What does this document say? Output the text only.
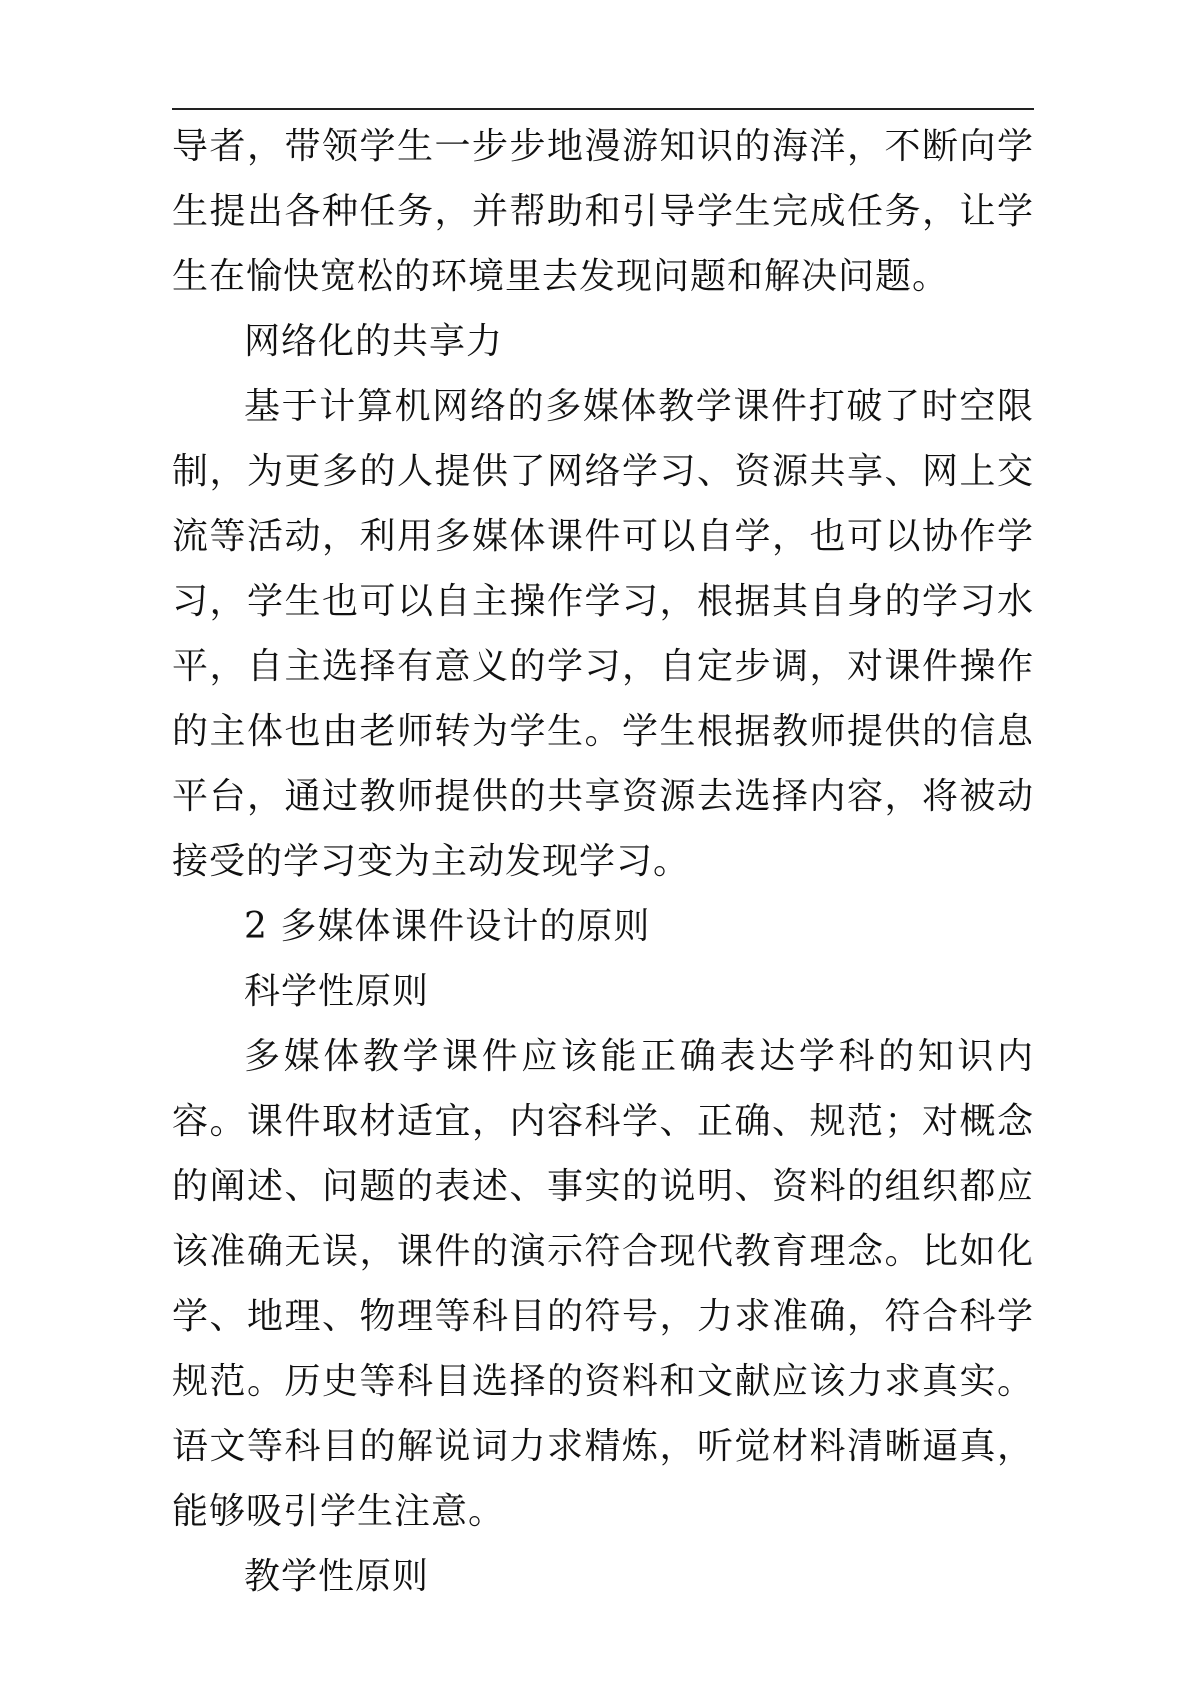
导者，带领学生一步步地漫游知识的海洋，不断向学生提出各种任务，并帮助和引导学生完成任务，让学生在愉快宽松的环境里去发现问题和解决问题。

网络化的共享力

基于计算机网络的多媒体教学课件打破了时空限制，为更多的人提供了网络学习、资源共享、网上交流等活动，利用多媒体课件可以自学，也可以协作学习，学生也可以自主操作学习，根据其自身的学习水平，自主选择有意义的学习，自定步调，对课件操作的主体也由老师转为学生。学生根据教师提供的信息平台，通过教师提供的共享资源去选择内容，将被动接受的学习变为主动发现学习。

2 多媒体课件设计的原则

科学性原则

多媒体教学课件应该能正确表达学科的知识内容。课件取材适宜，内容科学、正确、规范；对概念的阐述、问题的表述、事实的说明、资料的组织都应该准确无误，课件的演示符合现代教育理念。比如化学、地理、物理等科目的符号，力求准确，符合科学规范。历史等科目选择的资料和文献应该力求真实。语文等科目的解说词力求精炼，听觉材料清晰逼真，能够吸引学生注意。

教学性原则
